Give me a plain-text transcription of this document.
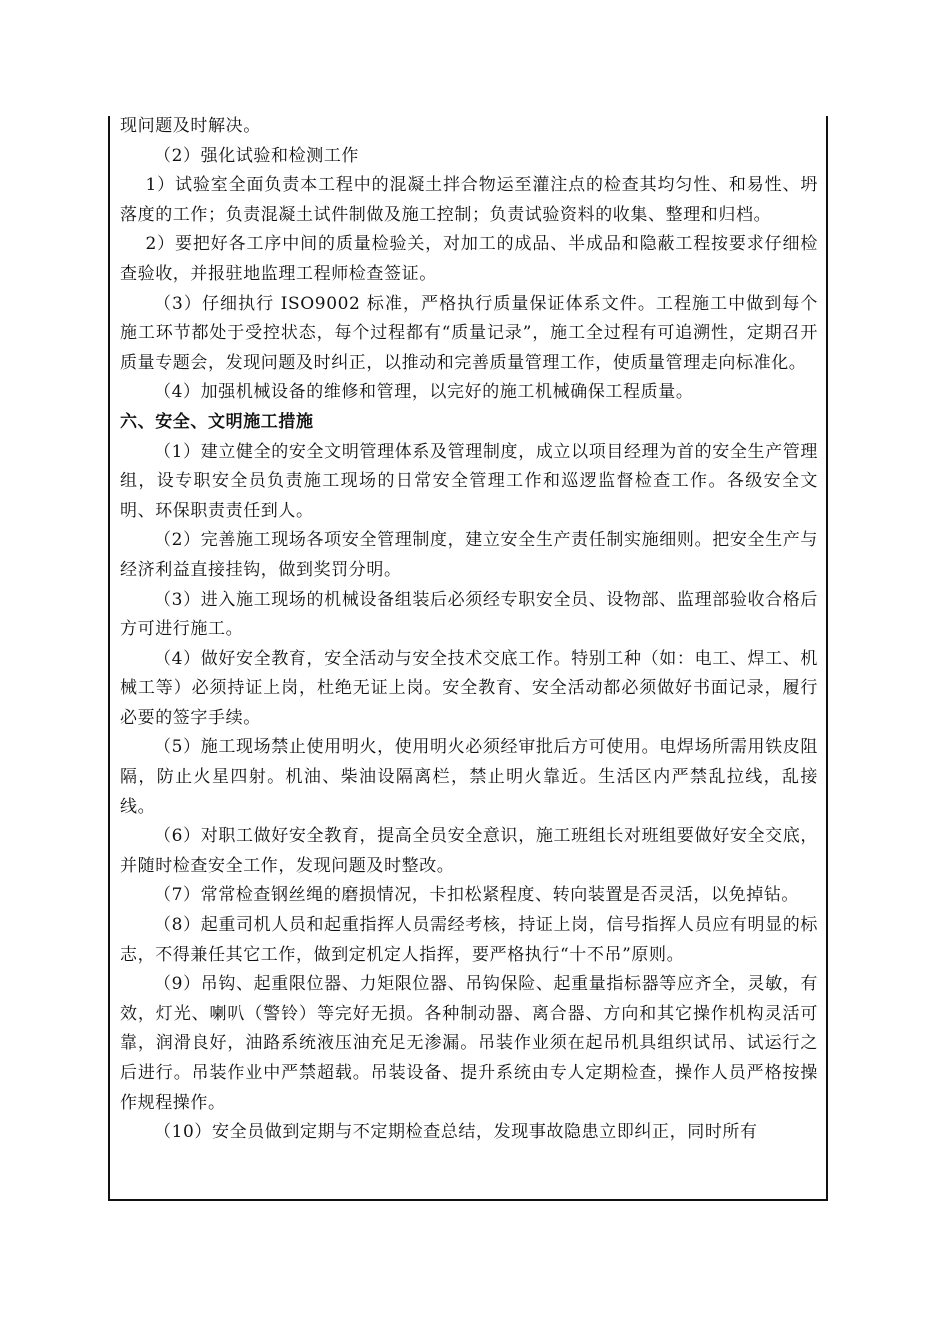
现问题及时解决。

（2）强化试验和检测工作

1）试验室全面负责本工程中的混凝土拌合物运至灌注点的检查其均匀性、和易性、坍落度的工作；负责混凝土试件制做及施工控制；负责试验资料的收集、整理和归档。

2）要把好各工序中间的质量检验关，对加工的成品、半成品和隐蔽工程按要求仔细检查验收，并报驻地监理工程师检查签证。

（3）仔细执行 ISO9002 标准，严格执行质量保证体系文件。工程施工中做到每个施工环节都处于受控状态，每个过程都有“质量记录”，施工全过程有可追溯性，定期召开质量专题会，发现问题及时纠正，以推动和完善质量管理工作，使质量管理走向标准化。

（4）加强机械设备的维修和管理，以完好的施工机械确保工程质量。

六、安全、文明施工措施

（1）建立健全的安全文明管理体系及管理制度，成立以项目经理为首的安全生产管理组，设专职安全员负责施工现场的日常安全管理工作和巡逻监督检查工作。各级安全文明、环保职责责任到人。

（2）完善施工现场各项安全管理制度，建立安全生产责任制实施细则。把安全生产与经济利益直接挂钩，做到奖罚分明。

（3）进入施工现场的机械设备组装后必须经专职安全员、设物部、监理部验收合格后方可进行施工。

（4）做好安全教育，安全活动与安全技术交底工作。特别工种（如：电工、焊工、机械工等）必须持证上岗，杜绝无证上岗。安全教育、安全活动都必须做好书面记录，履行必要的签字手续。

（5）施工现场禁止使用明火，使用明火必须经审批后方可使用。电焊场所需用铁皮阻隔，防止火星四射。机油、柴油设隔离栏，禁止明火靠近。生活区内严禁乱拉线，乱接线。

（6）对职工做好安全教育，提高全员安全意识，施工班组长对班组要做好安全交底，并随时检查安全工作，发现问题及时整改。

（7）常常检查钢丝绳的磨损情况，卡扣松紧程度、转向装置是否灵活，以免掉钻。

（8）起重司机人员和起重指挥人员需经考核，持证上岗，信号指挥人员应有明显的标志，不得兼任其它工作，做到定机定人指挥，要严格执行“十不吊”原则。

（9）吊钩、起重限位器、力矩限位器、吊钩保险、起重量指标器等应齐全，灵敏，有效，灯光、喇叭（警铃）等完好无损。各种制动器、离合器、方向和其它操作机构灵活可靠，润滑良好，油路系统液压油充足无渗漏。吊装作业须在起吊机具组织试吊、试运行之后进行。吊装作业中严禁超载。吊装设备、提升系统由专人定期检查，操作人员严格按操作规程操作。

（10）安全员做到定期与不定期检查总结，发现事故隐患立即纠正，同时所有
